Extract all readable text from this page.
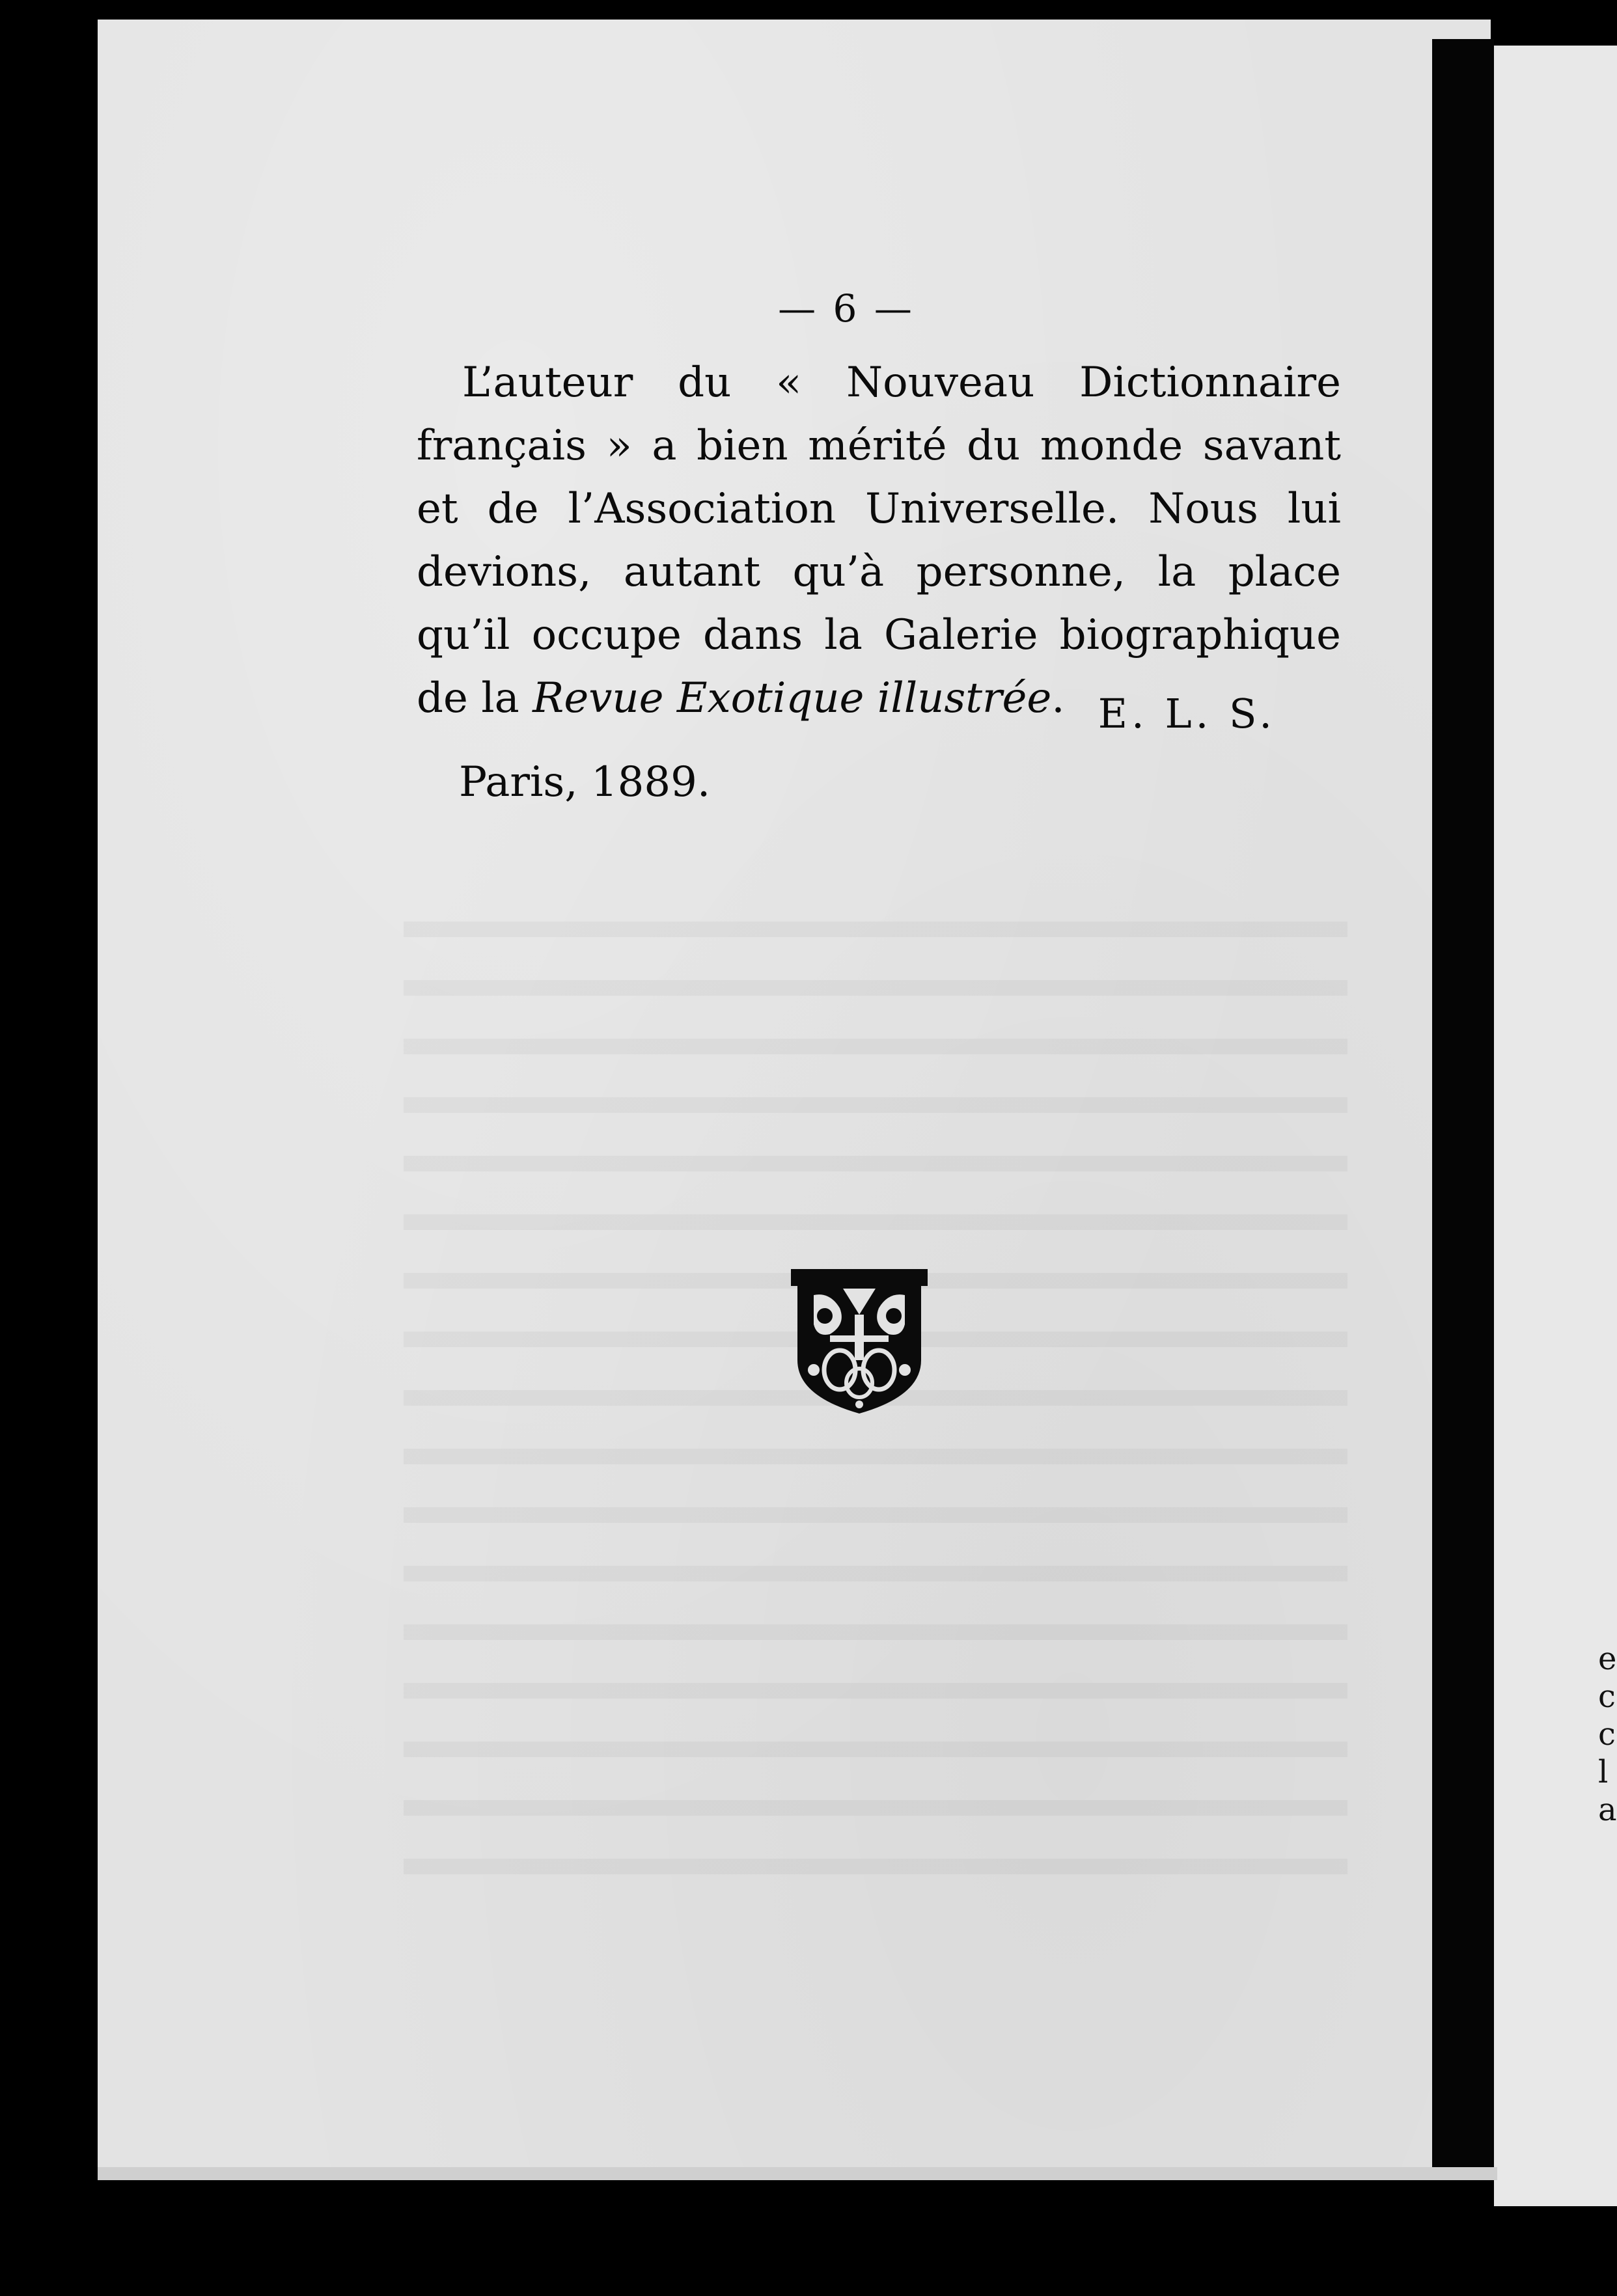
e
c
c
l
a
— 6 —

L’auteur du « Nouveau Dictionnaire français » a bien mérité du monde savant et de l’Association Universelle. Nous lui devions, autant qu’à personne, la place qu’il occupe dans la Galerie biographique de la Revue Exotique illustrée. E. L. S.
Paris, 1889.
